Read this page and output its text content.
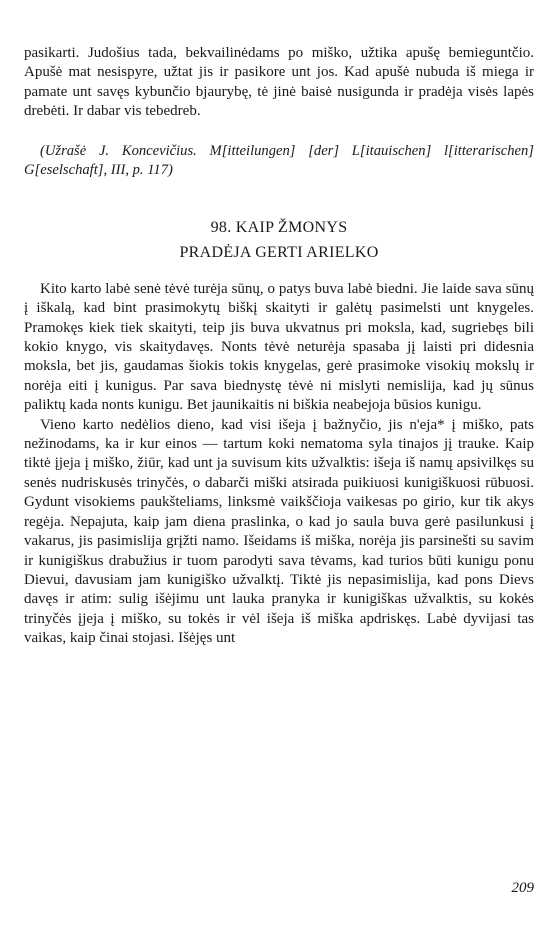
pasikarti. Judošius tada, bekvailinėdams po miško, užtika apušę bemieguntčio. Apušė mat nesispyre, užtat jis ir pasikore unt jos. Kad apušė nubuda iš miega ir pamate unt savęs kybunčio bjaurybę, tė jinė baisė nusigunda ir pradėja visės lapės drebėti. Ir dabar vis tebedreb.

(Užrašė J. Koncevičius. M[itteilungen] [der] L[itauischen] l[itterarischen] G[eselschaft], III, p. 117)

98. KAIP ŽMONYS
PRADĖJA GERTI ARIELKO

Kito karto labė senė tėvė turėja sūnų, o patys buva labė biedni. Jie laide sava sūnų į iškalą, kad bint prasimokytų biškį skaityti ir galėtų pasimelsti unt knygeles. Pramokęs kiek tiek skaityti, teip jis buva ukvatnus pri moksla, kad, sugriebęs bili kokio knygo, vis skaitydavęs. Nonts tėvė neturėja spasaba jį laisti pri didesnia moksla, bet jis, gaudamas šiokis tokis knygelas, gerė prasimoke visokių mokslų ir norėja eiti į kunigus. Par sava biednystę tėvė ni mislyti nemislija, kad jų sūnus paliktų kada nonts kunigu. Bet jaunikaitis ni biškia neabejoja būsios kunigu.

Vieno karto nedėlios dieno, kad visi išeja į bažnyčio, jis n'eja* į miško, pats nežinodams, ka ir kur einos — tartum koki nematoma syla tinajos jį trauke. Kaip tiktė įjeja į miško, žiūr, kad unt ja suvisum kits užvalktis: išeja iš namų apsivilkęs su senės nudriskusės trinyčės, o dabarči miški atsirada puikiuosi kunigiškuosi rūbuosi. Gydunt visokiems paukšteliams, linksmė vaikščioja vaikesas po girio, kur tik akys regėja. Nepajuta, kaip jam diena praslinka, o kad jo saula buva gerė pasilunkusi į vakarus, jis pasimislija grįžti namo. Išeidams iš miška, norėja jis parsinešti su savim ir kunigiškus drabužius ir tuom parodyti sava tėvams, kad turios būti kunigu ponu Dievui, davusiam jam kunigiško užvalktį. Tiktė jis nepasimislija, kad pons Dievs davęs ir atim: sulig išėjimu unt lauka pranyka ir kunigiškas užvalktis, su kokės trinyčės įjeja į miško, su tokės ir vėl išeja iš miška apdriskęs. Labė dyvijasi tas vaikas, kaip činai stojasi. Išėjęs unt

209
